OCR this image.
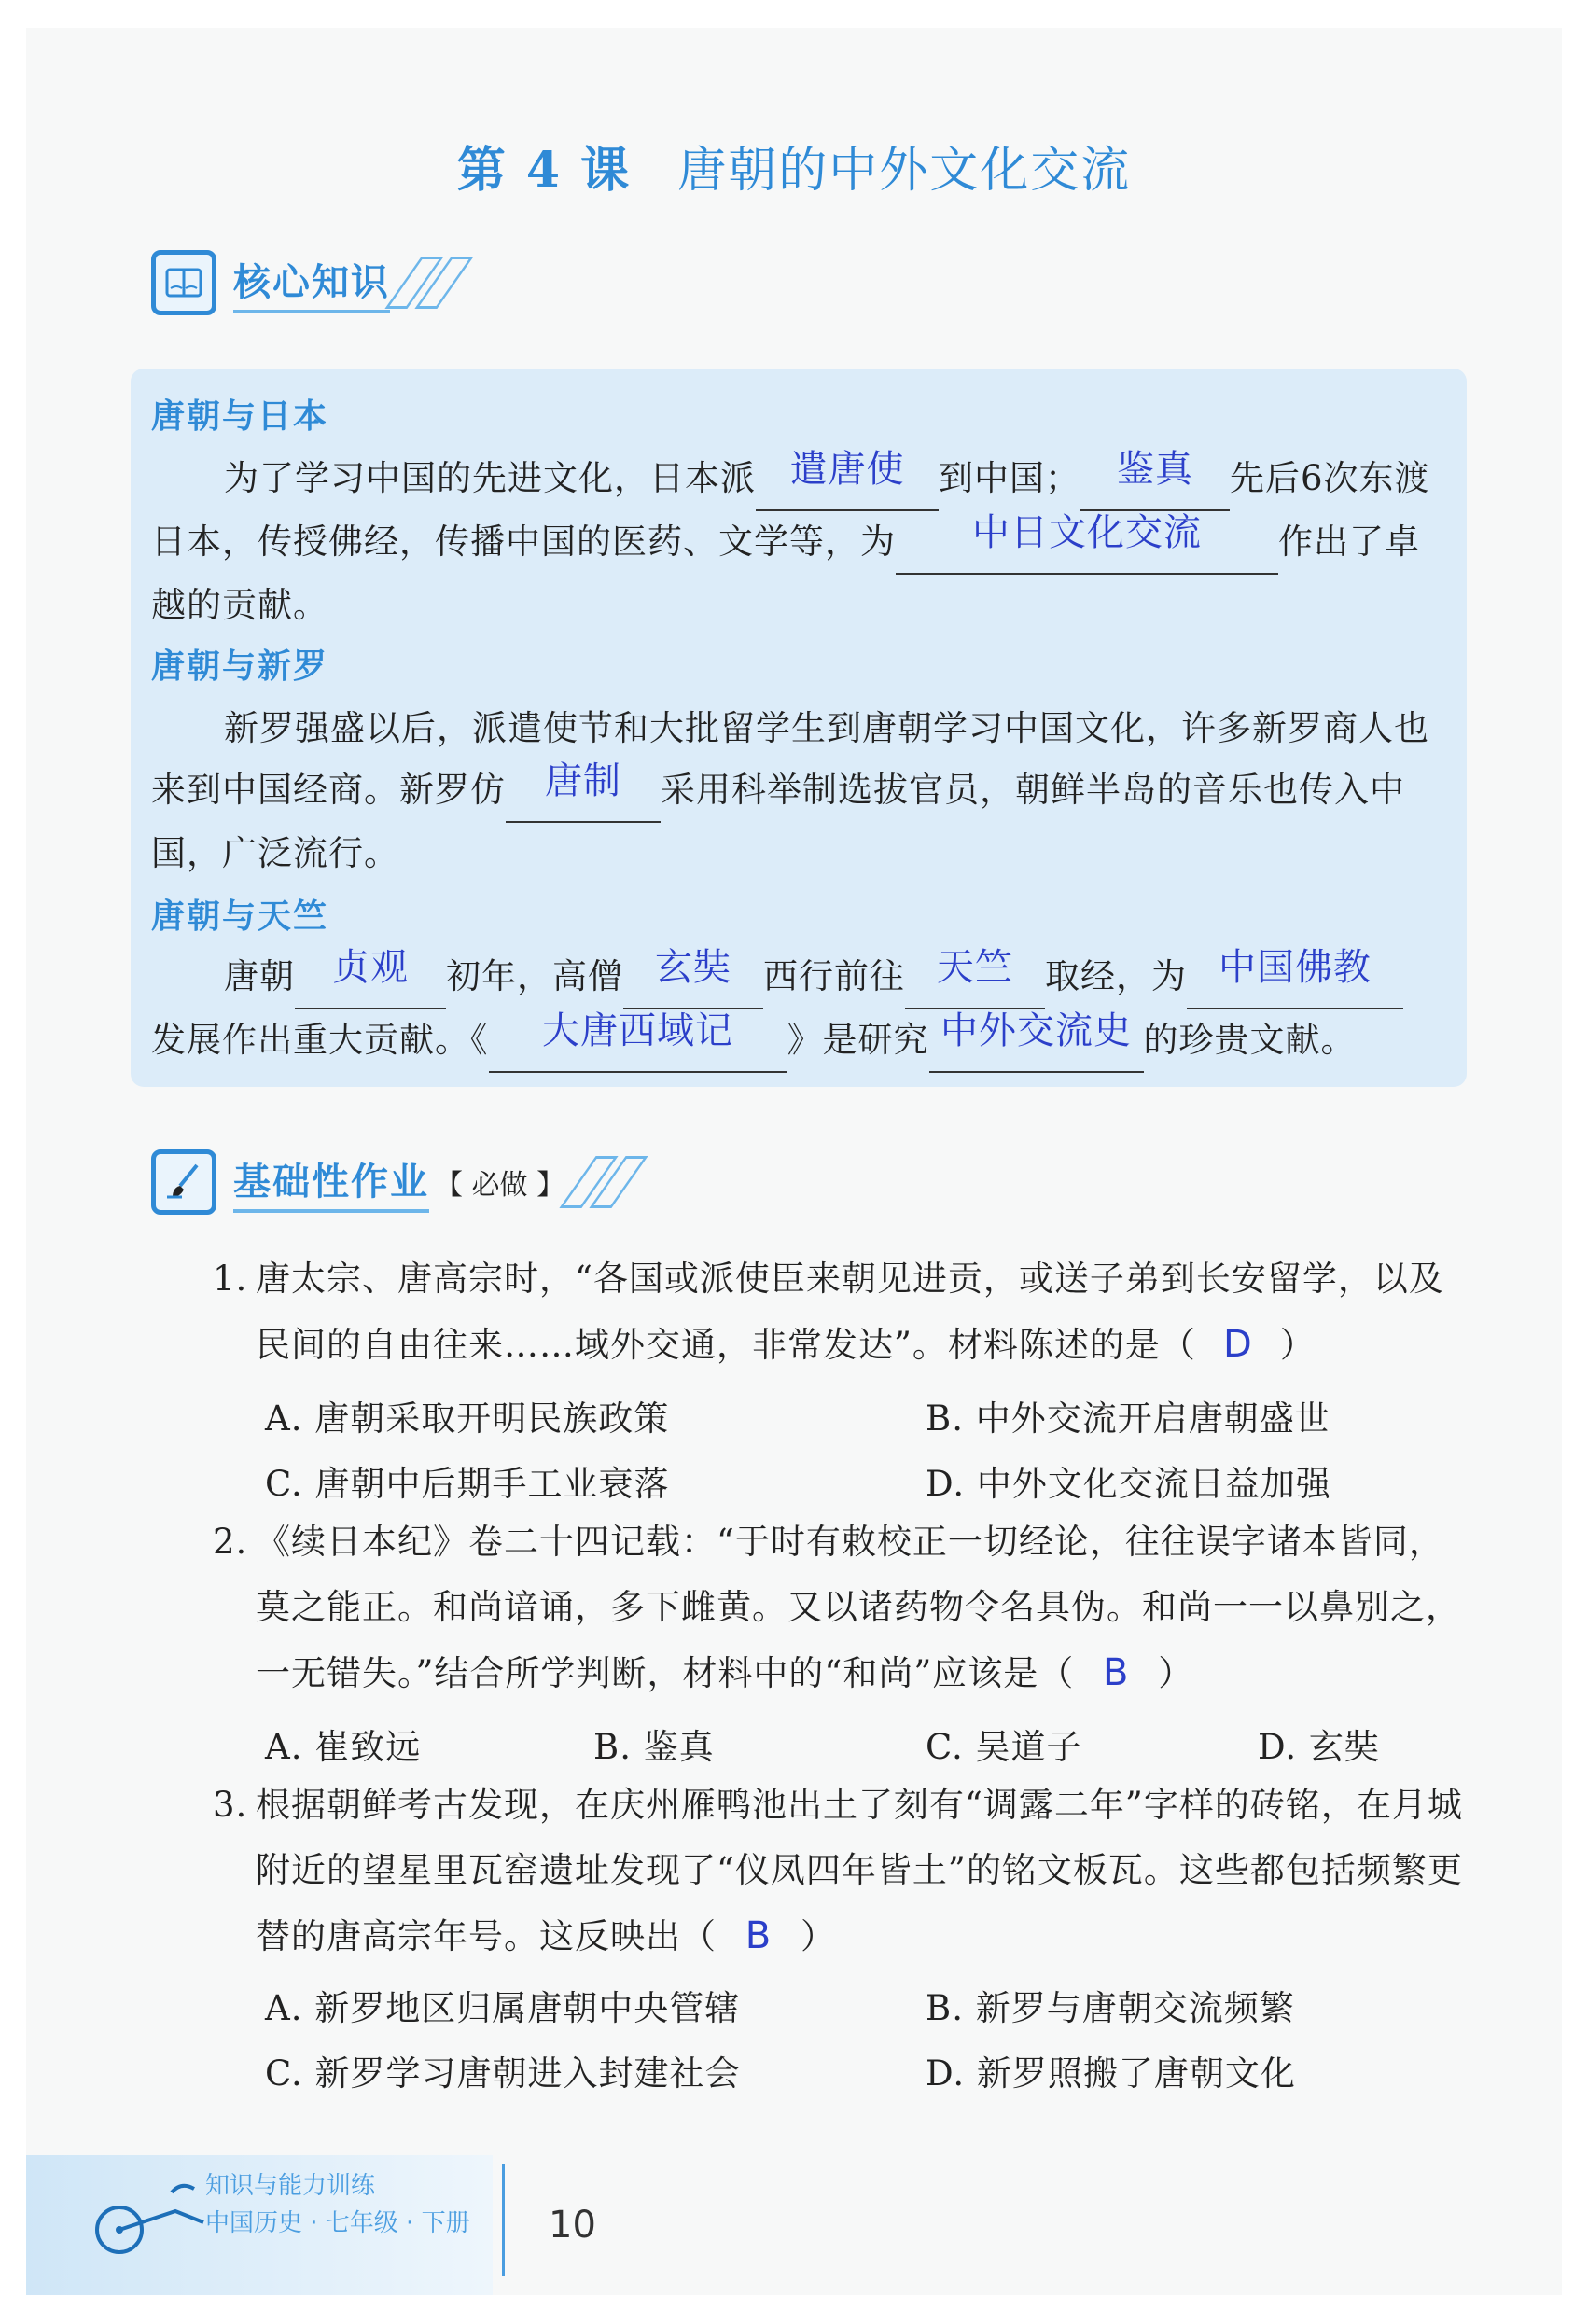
第 4 课 唐朝的中外文化交流
核心知识
唐朝与日本
为了学习中国的先进文化，日本派 遣唐使 到中国； 鉴真	先后6次东渡日本，传授佛经，传播中国的医药、文学等，为	中日文化交流	作出了卓越的贡献。
唐朝与新罗
新罗强盛以后，派遣使节和大批留学生到唐朝学习中国文化，许多新罗商人也来到中国经商。新罗仿	唐制	采用科举制选拔官员，朝鲜半岛的音乐也传入中国，广泛流行。
唐朝与天竺
唐朝	贞观	初年，高僧 玄奘 西行前往 天竺 取经，为 中国佛教

发展作出重大贡献。《	大唐西域记	》是研究 中外交流史 的珍贵文献。
基础性作业 【 必做 】
1. 唐太宗、唐高宗时，“各国或派使臣来朝见进贡，或送子弟到长安留学，以及民间的自由往来……域外交通，非常发达”。材料陈述的是（ D ）
A. 唐朝采取开明民族政策	B. 中外交流开启唐朝盛世
C. 唐朝中后期手工业衰落	D. 中外文化交流日益加强
2. 《续日本纪》卷二十四记载：“于时有敕校正一切经论，往往误字诸本皆同，莫之能正。和尚谙诵，多下雌黄。又以诸药物令名具伪。和尚一一以鼻别之，一无错失。”结合所学判断，材料中的“和尚”应该是（ B ）
A. 崔致远	B. 鉴真	C. 吴道子	D. 玄奘
3. 根据朝鲜考古发现，在庆州雁鸭池出土了刻有“调露二年”字样的砖铭，在月城附近的望星里瓦窑遗址发现了“仪凤四年皆土”的铭文板瓦。这些都包括频繁更替的唐高宗年号。这反映出（ B ）
A. 新罗地区归属唐朝中央管辖	B. 新罗与唐朝交流频繁
C. 新罗学习唐朝进入封建社会	D. 新罗照搬了唐朝文化
知识与能力训练
中国历史 · 七年级 · 下册 10
